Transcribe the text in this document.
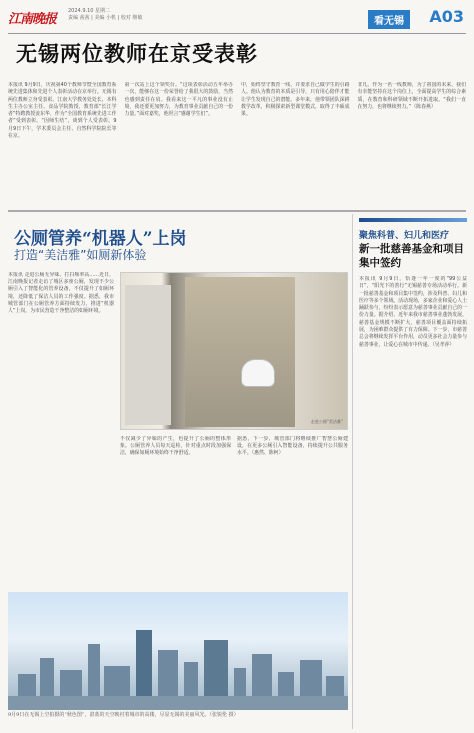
江南晚报
2024.9.10 星期二
责编 茜茜 | 美编 小机 | 校对 继敏	看无锡	A03
无锡两位教师在京受表彰
本报讯 9月9日，庆祝第40个教师节暨全国教育系统先进集体和先进个人表彰活动在京举行。无锡有两位教师立身受表彰。江南大学教务处处长、本科生主办公室主任、食品学院教授、教育部“长江学者”特聘教授姜东华，作为“全国教育系统先进工作者”受到表彰。“因师生结”，谈到个人受表彰。9月9日下午，学术委员会主任、自然科学院院长等在京。
第一次站上这个领奖台。“这项表彰活动五年举办一次，能够在这一份荣誉给了我很大的鼓励，当然也感到责任在肩。我看来这一平凡的事业没有止境，我还要更加努力，为教育事业贡献自己的一份力量。”面对嘉奖，他坦言“感谢学生们”。
中，始终坚守教育一线，并要求自己做学生的引路人。他认为教育的本质是引导，只有用心陪伴才能让学生发现自己的潜能。多年来，他带领团队深耕教学改革，积极探索新型课堂模式，取得了丰硕成果。
非凡。作为一名一线教师，为了祖国的未来，我们有幸能坚持在这个岗位上，全面提高学生的综合素质，在教育和科研领域不断开拓进取。“我们一直在努力，也将继续努力。”（陈春燕）
公厕管养“机器人”上岗
打造“美洁雅”如厕新体验
本报讯 走进公厕无异味、打扫频率高……近日，江南晚报记者走访了城区多座公厕，发现不少公厕引入了智能化的管养设备，不仅提升了如厕环境，还降低了保洁人员的工作强度。据悉，我市城管部门在公厕管养方面持续发力，推进“机器人”上岗，为市民营造干净整洁的如厕环境。
走进公厕“美洁雅”
不仅减少了异味的产生，也提升了公厕的整体形象。公厕管养人员每天巡检，针对重点时段加强保洁，确保如厕环境始终干净舒适。
据悉，下一步，城管部门将继续推广智慧公厕建设，在更多公厕引入智能设备，持续提升公共服务水平。（惠然、陈柯）
9月9日在无锡上空拍摄的“秋色图”，湛蓝的天空映衬着城市的高楼，尽显无锡的美丽风光。（张锐伦 摄）
聚焦科普、妇儿和医疗
新一批慈善基金和项目集中签约
本报讯 9月9日，恰逢一年一度的“99公益日”，“阳光下的善行”无锡慈善专场活动举行。新一批慈善基金和项目集中签约，涉及科普、妇儿和医疗等多个领域。活动现场，多家企业和爱心人士踊跃参与，纷纷表示愿意为慈善事业贡献自己的一份力量。据介绍，近年来我市慈善事业蓬勃发展，慈善基金规模不断扩大，慈善项目覆盖面持续拓展，为困难群众提供了有力保障。下一步，市慈善总会将继续发挥平台作用，动员更多社会力量参与慈善事业，让爱心在城市中传递。（吴孝萍）
